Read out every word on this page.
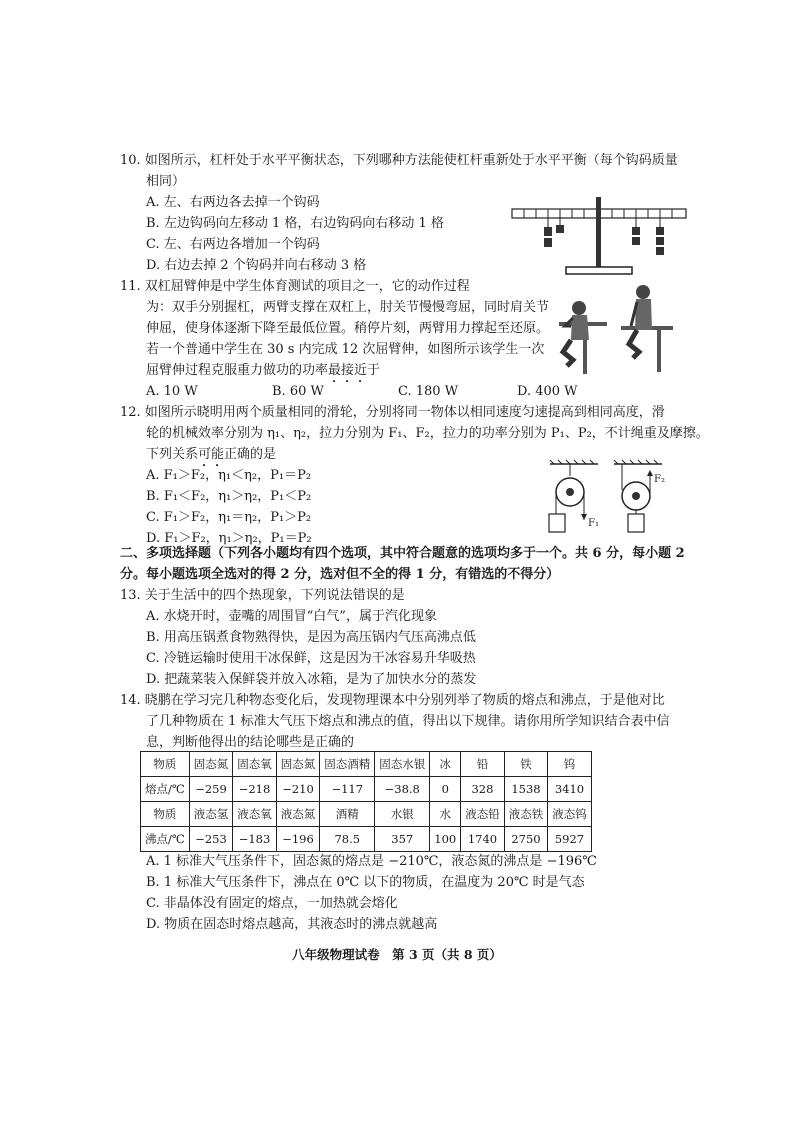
10. 如图所示，杠杆处于水平平衡状态，下列哪种方法能使杠杆重新处于水平平衡（每个钩码质量
相同）
A. 左、右两边各去掉一个钩码
B. 左边钩码向左移动 1 格，右边钩码向右移动 1 格
C. 左、右两边各增加一个钩码
D. 右边去掉 2 个钩码并向右移动 3 格
11. 双杠屈臂伸是中学生体育测试的项目之一，它的动作过程
为：双手分别握杠，两臂支撑在双杠上，肘关节慢慢弯屈，同时肩关节
伸屈，使身体逐渐下降至最低位置。稍停片刻，两臂用力撑起至还原。
若一个普通中学生在 30 s 内完成 12 次屈臂伸，如图所示该学生一次
屈臂伸过程克服重力做功的功率最接近于
A. 10 W	B. 60 W	C. 180 W	D. 400 W
12. 如图所示晓明用两个质量相同的滑轮，分别将同一物体以相同速度匀速提高到相同高度，滑
轮的机械效率分别为 η₁、η₂，拉力分别为 F₁、F₂，拉力的功率分别为 P₁、P₂，不计绳重及摩擦。
下列关系可能正确的是
A. F₁＞F₂，η₁＜η₂，P₁＝P₂
B. F₁＜F₂，η₁＞η₂，P₁＜P₂
C. F₁＞F₂，η₁＝η₂，P₁＞P₂
D. F₁＞F₂，η₁＞η₂，P₁＝P₂
F₁
F₂
二、多项选择题（下列各小题均有四个选项，其中符合题意的选项均多于一个。共 6 分，每小题 2
分。每小题选项全选对的得 2 分，选对但不全的得 1 分，有错选的不得分）
13. 关于生活中的四个热现象，下列说法错误的是
A. 水烧开时，壶嘴的周围冒“白气”，属于汽化现象
B. 用高压锅煮食物熟得快，是因为高压锅内气压高沸点低
C. 冷链运输时使用干冰保鲜，这是因为干冰容易升华吸热
D. 把蔬菜装入保鲜袋并放入冰箱，是为了加快水分的蒸发
14. 晓鹏在学习完几种物态变化后，发现物理课本中分别列举了物质的熔点和沸点，于是他对比
了几种物质在 1 标准大气压下熔点和沸点的值，得出以下规律。请你用所学知识结合表中信
息，判断他得出的结论哪些是正确的
物质	固态氮	固态氧	固态氮	固态酒精	固态水银	冰	铅	铁	钨
熔点/℃	−259	−218	−210	−117	−38.8	0	328	1538	3410
物质	液态氢	液态氧	液态氮	酒精	水银	水	液态铅	液态铁	液态钨
沸点/℃	−253	−183	−196	78.5	357	100	1740	2750	5927
A. 1 标准大气压条件下，固态氮的熔点是 −210℃，液态氮的沸点是 −196℃
B. 1 标准大气压条件下，沸点在 0℃ 以下的物质，在温度为 20℃ 时是气态
C. 非晶体没有固定的熔点，一加热就会熔化
D. 物质在固态时熔点越高，其液态时的沸点就越高
八年级物理试卷　第 3 页（共 8 页）
